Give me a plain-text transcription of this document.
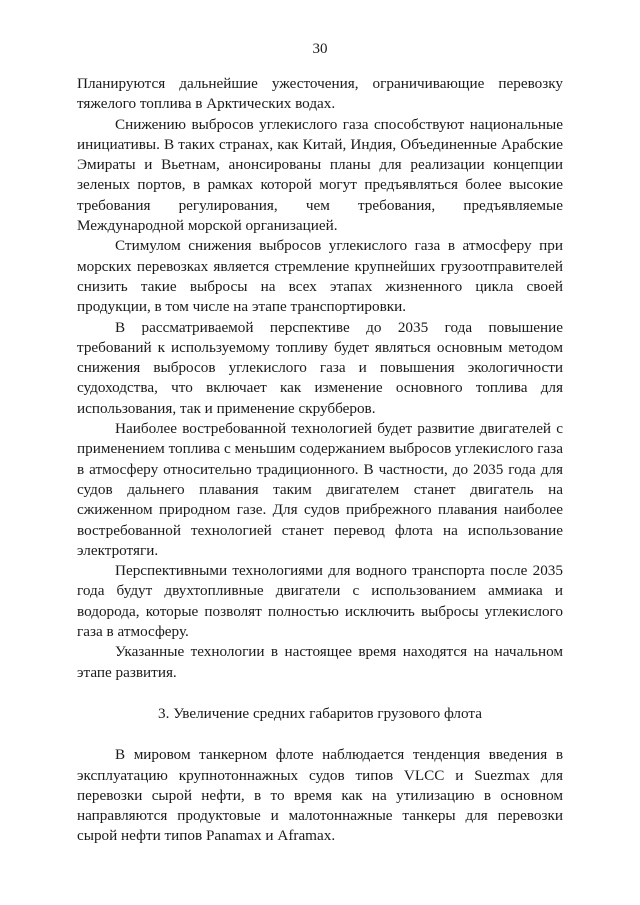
30

Планируются дальнейшие ужесточения, ограничивающие перевозку тяжелого топлива в Арктических водах.

Снижению выбросов углекислого газа способствуют национальные инициативы. В таких странах, как Китай, Индия, Объединенные Арабские Эмираты и Вьетнам, анонсированы планы для реализации концепции зеленых портов, в рамках которой могут предъявляться более высокие требования регулирования, чем требования, предъявляемые Международной морской организацией.

Стимулом снижения выбросов углекислого газа в атмосферу при морских перевозках является стремление крупнейших грузоотправителей снизить такие выбросы на всех этапах жизненного цикла своей продукции, в том числе на этапе транспортировки.

В рассматриваемой перспективе до 2035 года повышение требований к используемому топливу будет являться основным методом снижения выбросов углекислого газа и повышения экологичности судоходства, что включает как изменение основного топлива для использования, так и применение скрубберов.

Наиболее востребованной технологией будет развитие двигателей с применением топлива с меньшим содержанием выбросов углекислого газа в атмосферу относительно традиционного. В частности, до 2035 года для судов дальнего плавания таким двигателем станет двигатель на сжиженном природном газе. Для судов прибрежного плавания наиболее востребованной технологией станет перевод флота на использование электротяги.

Перспективными технологиями для водного транспорта после 2035 года будут двухтопливные двигатели с использованием аммиака и водорода, которые позволят полностью исключить выбросы углекислого газа в атмосферу.

Указанные технологии в настоящее время находятся на начальном этапе развития.

3. Увеличение средних габаритов грузового флота

В мировом танкерном флоте наблюдается тенденция введения в эксплуатацию крупнотоннажных судов типов VLCC и Suezmax для перевозки сырой нефти, в то время как на утилизацию в основном направляются продуктовые и малотоннажные танкеры для перевозки сырой нефти типов Panamax и Aframax.
